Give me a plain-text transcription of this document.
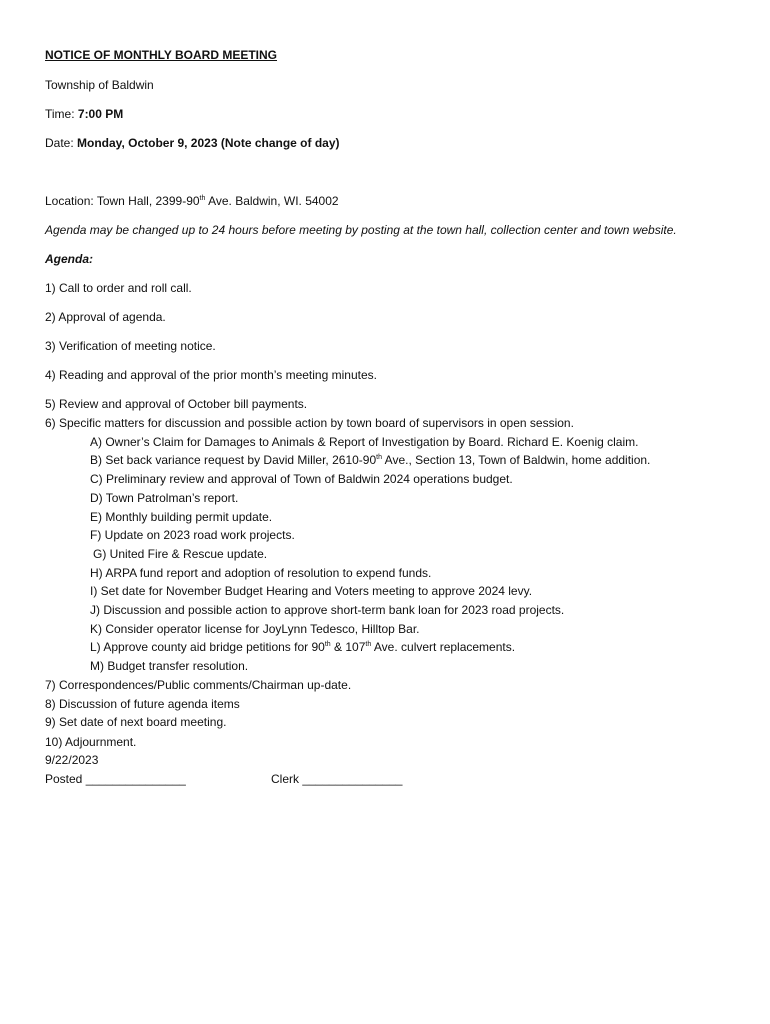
NOTICE OF MONTHLY BOARD MEETING
Township of Baldwin
Time: 7:00 PM
Date: Monday, October 9, 2023 (Note change of day)
Location: Town Hall, 2399-90th Ave. Baldwin, WI. 54002
Agenda may be changed up to 24 hours before meeting by posting at the town hall, collection center and town website.
Agenda:
1) Call to order and roll call.
2) Approval of agenda.
3) Verification of meeting notice.
4) Reading and approval of the prior month’s meeting minutes.
5) Review and approval of October bill payments.
6) Specific matters for discussion and possible action by town board of supervisors in open session.
A) Owner’s Claim for Damages to Animals & Report of Investigation by Board. Richard E. Koenig claim.
B) Set back variance request by David Miller, 2610-90th Ave., Section 13, Town of Baldwin, home addition.
C) Preliminary review and approval of Town of Baldwin 2024 operations budget.
D) Town Patrolman’s report.
E) Monthly building permit update.
F) Update on 2023 road work projects.
G) United Fire & Rescue update.
H) ARPA fund report and adoption of resolution to expend funds.
I) Set date for November Budget Hearing and Voters meeting to approve 2024 levy.
J) Discussion and possible action to approve short-term bank loan for 2023 road projects.
K) Consider operator license for JoyLynn Tedesco, Hilltop Bar.
L) Approve county aid bridge petitions for 90th & 107th Ave. culvert replacements.
M) Budget transfer resolution.
7) Correspondences/Public comments/Chairman up-date.
8) Discussion of future agenda items
9) Set date of next board meeting.
10) Adjournment.
9/22/2023
Posted _______________	Clerk _______________
